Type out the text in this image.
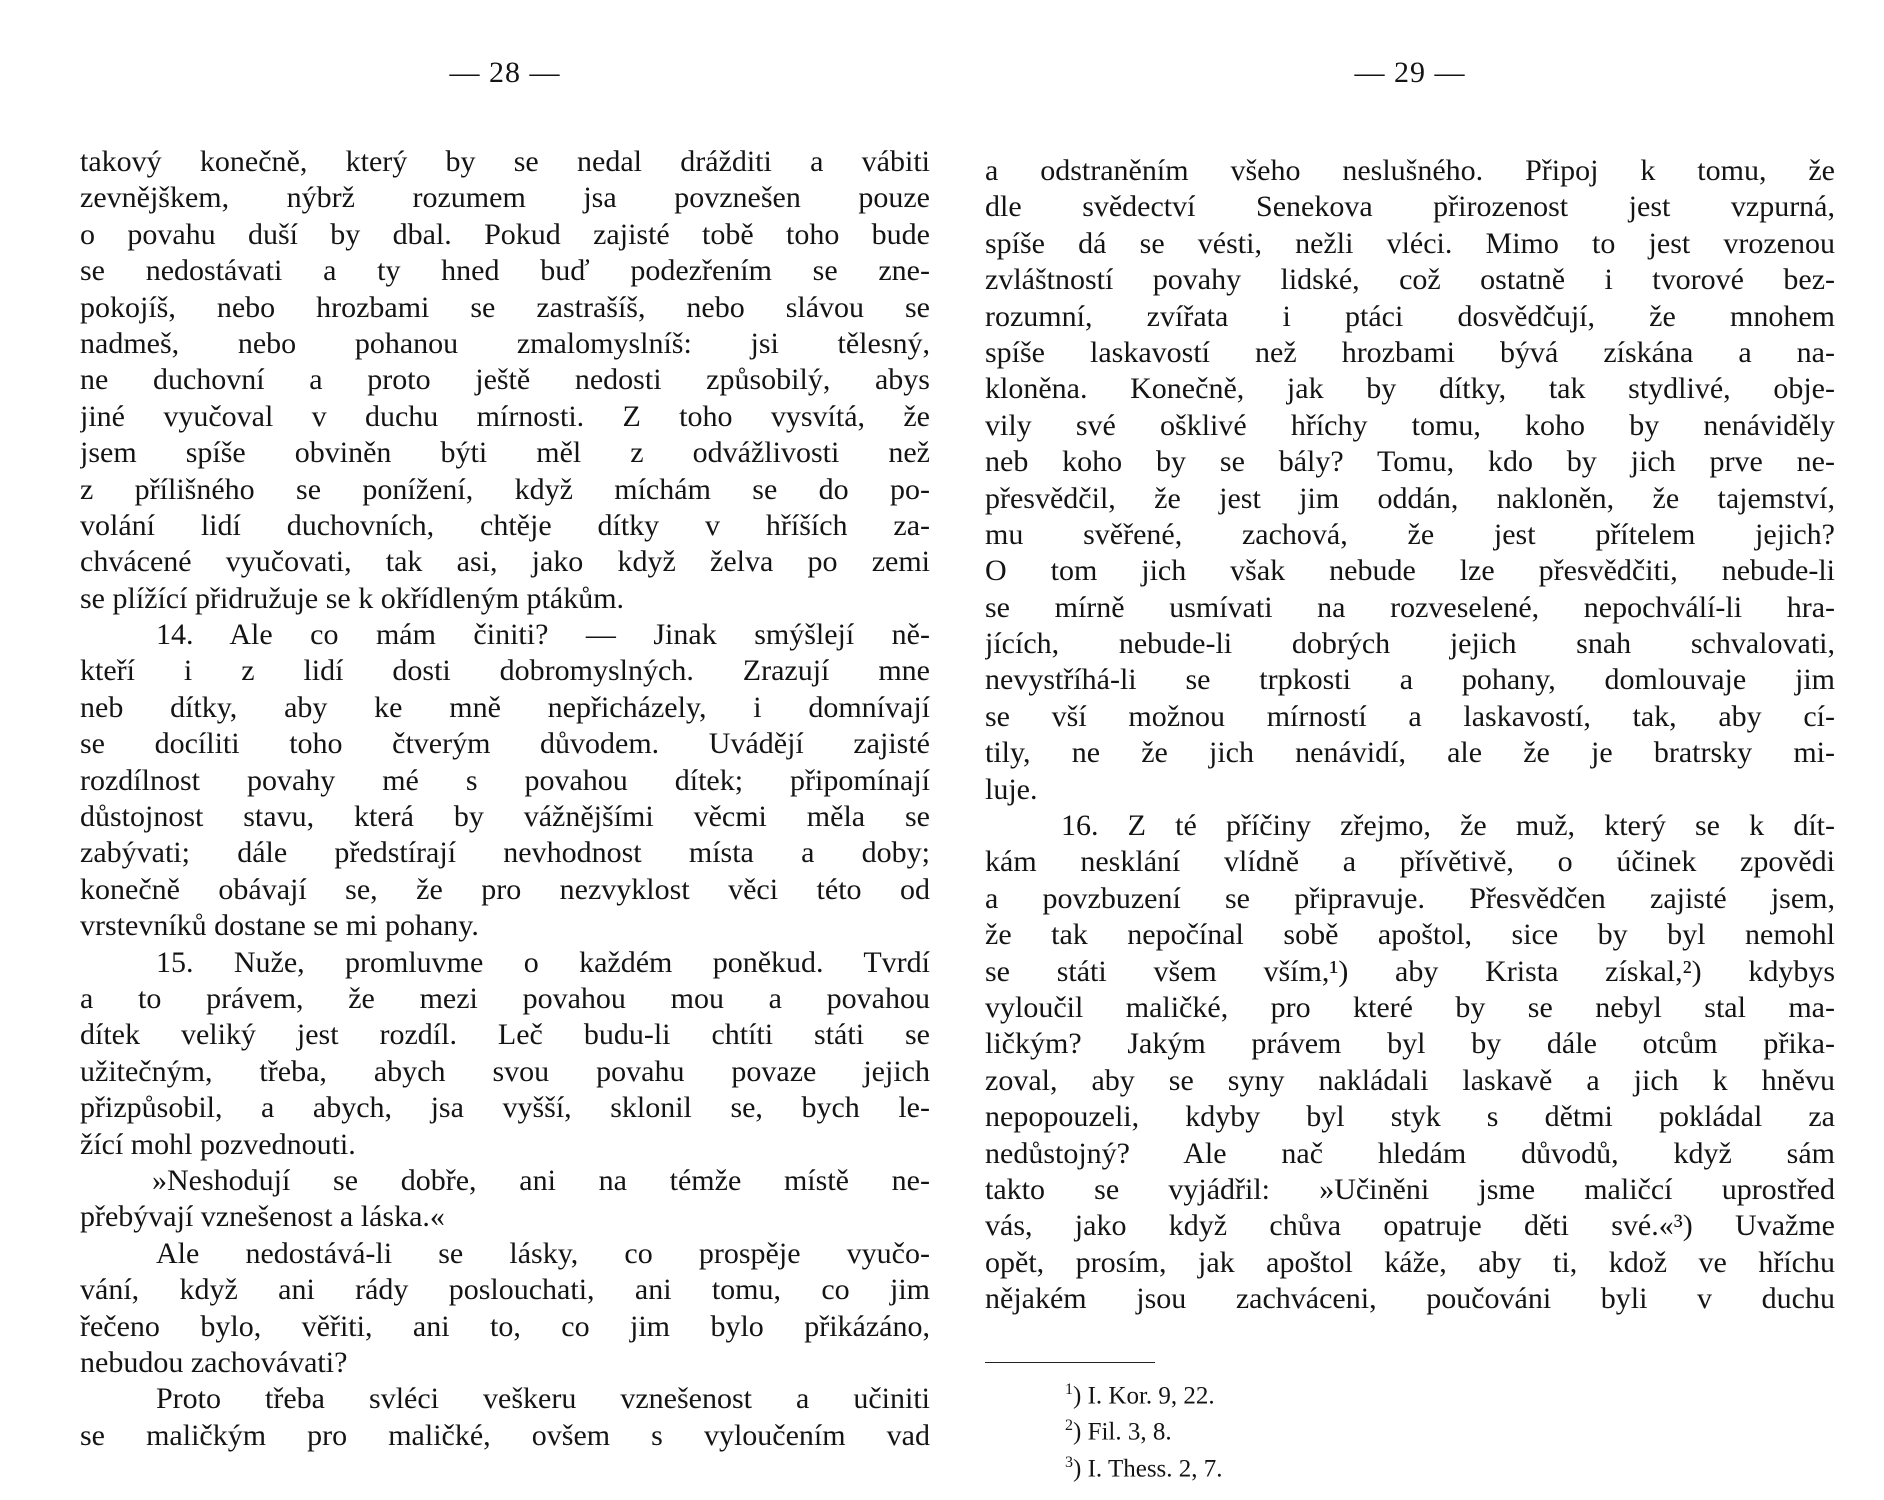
— 28 —
takový konečně, který by se nedal drážditi a vábiti
zevnějškem, nýbrž rozumem jsa povznešen pouze
o povahu duší by dbal. Pokud zajisté tobě toho bude
se nedostávati a ty hned buď podezřením se zne-
pokojíš, nebo hrozbami se zastrašíš, nebo slávou se
nadmeš, nebo pohanou zmalomyslníš: jsi tělesný,
ne duchovní a proto ještě nedosti způsobilý, abys
jiné vyučoval v duchu mírnosti. Z toho vysvítá, že
jsem spíše obviněn býti měl z odvážlivosti než
z přílišného se ponížení, když míchám se do po-
volání lidí duchovních, chtěje dítky v hříších za-
chvácené vyučovati, tak asi, jako když želva po zemi
se plížící přidružuje se k okřídleným ptákům.
14. Ale co mám činiti? — Jinak smýšlejí ně-
kteří i z lidí dosti dobromyslných. Zrazují mne
neb dítky, aby ke mně nepřicházely, i domnívají
se docíliti toho čtverým důvodem. Uvádějí zajisté
rozdílnost povahy mé s povahou dítek; připomínají
důstojnost stavu, která by vážnějšími věcmi měla se
zabývati; dále předstírají nevhodnost místa a doby;
konečně obávají se, že pro nezvyklost věci této od
vrstevníků dostane se mi pohany.
15. Nuže, promluvme o každém poněkud. Tvrdí
a to právem, že mezi povahou mou a povahou
dítek veliký jest rozdíl. Leč budu-li chtíti státi se
užitečným, třeba, abych svou povahu povaze jejich
přizpůsobil, a abych, jsa vyšší, sklonil se, bych le-
žící mohl pozvednouti.
»Neshodují se dobře, ani na témže místě ne-
přebývají vznešenost a láska.«
Ale nedostává-li se lásky, co prospěje vyučo-
vání, když ani rády poslouchati, ani tomu, co jim
řečeno bylo, věřiti, ani to, co jim bylo přikázáno,
nebudou zachovávati?
Proto třeba svléci veškeru vznešenost a učiniti
se maličkým pro maličké, ovšem s vyloučením vad
— 29 —
a odstraněním všeho neslušného. Připoj k tomu, že
dle svědectví Senekova přirozenost jest vzpurná,
spíše dá se vésti, nežli vléci. Mimo to jest vrozenou
zvláštností povahy lidské, což ostatně i tvorové bez-
rozumní, zvířata i ptáci dosvědčují, že mnohem
spíše laskavostí než hrozbami bývá získána a na-
kloněna. Konečně, jak by dítky, tak stydlivé, obje-
vily své ošklivé hříchy tomu, koho by nenáviděly
neb koho by se bály? Tomu, kdo by jich prve ne-
přesvědčil, že jest jim oddán, nakloněn, že tajemství,
mu svěřené, zachová, že jest přítelem jejich?
O tom jich však nebude lze přesvědčiti, nebude-li
se mírně usmívati na rozveselené, nepochválí-li hra-
jících, nebude-li dobrých jejich snah schvalovati,
nevystříhá-li se trpkosti a pohany, domlouvaje jim
se vší možnou mírností a laskavostí, tak, aby cí-
tily, ne že jich nenávidí, ale že je bratrsky mi-
luje.
16. Z té příčiny zřejmo, že muž, který se k dít-
kám nesklání vlídně a přívětivě, o účinek zpovědi
a povzbuzení se připravuje. Přesvědčen zajisté jsem,
že tak nepočínal sobě apoštol, sice by byl nemohl
se státi všem vším,¹) aby Krista získal,²) kdybys
vyloučil maličké, pro které by se nebyl stal ma-
ličkým? Jakým právem byl by dále otcům přika-
zoval, aby se syny nakládali laskavě a jich k hněvu
nepopouzeli, kdyby byl styk s dětmi pokládal za
nedůstojný? Ale nač hledám důvodů, když sám
takto se vyjádřil: »Učiněni jsme maličcí uprostřed
vás, jako když chůva opatruje děti své.«³) Uvažme
opět, prosím, jak apoštol káže, aby ti, kdož ve hříchu
nějakém jsou zachváceni, poučováni byli v duchu
$^1$) I. Kor. 9, 22.
$^2$) Fil. 3, 8.
$^3$) I. Thess. 2, 7.
